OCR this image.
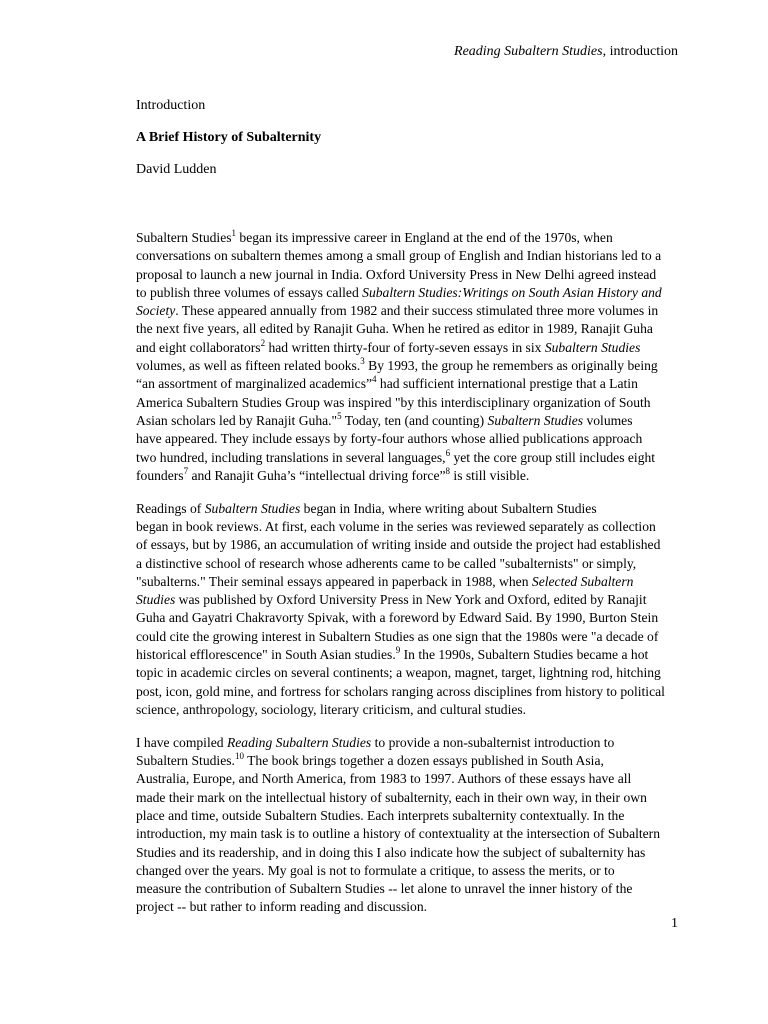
Reading Subaltern Studies, introduction
Introduction
A Brief History of Subalternity
David Ludden
Subaltern Studies$^1$ began its impressive career in England at the end of the 1970s, when

conversations on subaltern themes among a small group of English and Indian historians led to a
proposal to launch a new journal in India. Oxford University Press in New Delhi agreed instead
to publish three volumes of essays called Subaltern Studies:Writings on South Asian History and
Society. These appeared annually from 1982 and their success stimulated three more volumes in
the next five years, all edited by Ranajit Guha. When he retired as editor in 1989, Ranajit Guha
and eight collaborators$^2$ had written thirty-four of forty-seven essays in six Subaltern Studies
volumes, as well as fifteen related books.$^3$ By 1993, the group he remembers as originally being
“an assortment of marginalized academics”$^4$ had sufficient international prestige that a Latin
America Subaltern Studies Group was inspired "by this interdisciplinary organization of South
Asian scholars led by Ranajit Guha."$^5$ Today, ten (and counting) Subaltern Studies volumes
have appeared. They include essays by forty-four authors whose allied publications approach
two hundred, including translations in several languages,$^6$ yet the core group still includes eight
founders$^7$ and Ranajit Guha’s “intellectual driving force”$^8$ is still visible.
Readings of Subaltern Studies began in India, where writing about Subaltern Studies

began in book reviews. At first, each volume in the series was reviewed separately as collection
of essays, but by 1986, an accumulation of writing inside and outside the project had established
a distinctive school of research whose adherents came to be called "subalternists" or simply,
"subalterns." Their seminal essays appeared in paperback in 1988, when Selected Subaltern
Studies was published by Oxford University Press in New York and Oxford, edited by Ranajit
Guha and Gayatri Chakravorty Spivak, with a foreword by Edward Said. By 1990, Burton Stein
could cite the growing interest in Subaltern Studies as one sign that the 1980s were "a decade of
historical efflorescence" in South Asian studies.$^9$ In the 1990s, Subaltern Studies became a hot
topic in academic circles on several continents; a weapon, magnet, target, lightning rod, hitching
post, icon, gold mine, and fortress for scholars ranging across disciplines from history to political
science, anthropology, sociology, literary criticism, and cultural studies.
I have compiled Reading Subaltern Studies to provide a non-subalternist introduction to

Subaltern Studies.$^{10}$ The book brings together a dozen essays published in South Asia,
Australia, Europe, and North America, from 1983 to 1997. Authors of these essays have all
made their mark on the intellectual history of subalternity, each in their own way, in their own
place and time, outside Subaltern Studies. Each interprets subalternity contextually. In the
introduction, my main task is to outline a history of contextuality at the intersection of Subaltern
Studies and its readership, and in doing this I also indicate how the subject of subalternity has
changed over the years. My goal is not to formulate a critique, to assess the merits, or to
measure the contribution of Subaltern Studies -- let alone to unravel the inner history of the
project -- but rather to inform reading and discussion.
1
